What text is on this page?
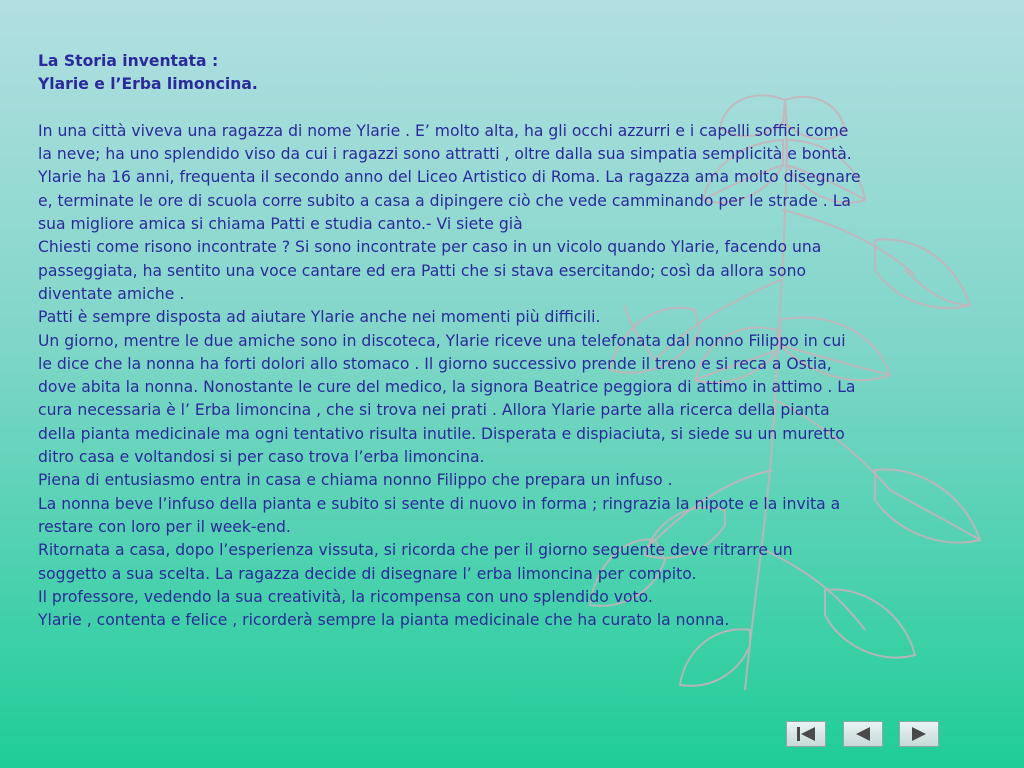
La Storia inventata :
Ylarie e l’Erba limoncina.
In una città viveva una ragazza di nome Ylarie . E’ molto alta, ha gli occhi azzurri e i capelli soffici come
la neve; ha uno splendido viso da cui i ragazzi sono attratti , oltre dalla sua simpatia semplicità e bontà.
Ylarie ha 16 anni, frequenta il secondo anno del Liceo Artistico di Roma. La ragazza ama molto disegnare
e, terminate le ore di scuola corre subito a casa a dipingere ciò che vede camminando per le strade . La
sua migliore amica si chiama Patti e studia canto.- Vi siete già
Chiesti come risono incontrate ? Si sono incontrate per caso in un vicolo quando Ylarie, facendo una
passeggiata, ha sentito una voce cantare ed era Patti che si stava esercitando; così da allora sono
diventate amiche .
Patti è sempre disposta ad aiutare Ylarie anche nei momenti più difficili.
Un giorno, mentre le due amiche sono in discoteca, Ylarie riceve una telefonata dal nonno Filippo in cui
le dice che la nonna ha forti dolori allo stomaco . Il giorno successivo prende il treno e si reca a Ostia,
dove abita la nonna. Nonostante le cure del medico, la signora Beatrice peggiora di attimo in attimo . La
cura necessaria è l’ Erba limoncina , che si trova nei prati . Allora Ylarie parte alla ricerca della pianta
della pianta medicinale ma ogni tentativo risulta inutile. Disperata e dispiaciuta, si siede su un muretto
ditro casa e voltandosi si per caso trova l’erba limoncina.
Piena di entusiasmo entra in casa e chiama nonno Filippo che prepara un infuso .
La nonna beve l’infuso della pianta e subito si sente di nuovo in forma ; ringrazia la nipote e la invita a
restare con loro per il week-end.
Ritornata a casa, dopo l’esperienza vissuta, si ricorda che per il giorno seguente deve ritrarre un
soggetto a sua scelta. La ragazza decide di disegnare l’ erba limoncina per compito.
Il professore, vedendo la sua creatività, la ricompensa con uno splendido voto.
Ylarie , contenta e felice , ricorderà sempre la pianta medicinale che ha curato la nonna.
